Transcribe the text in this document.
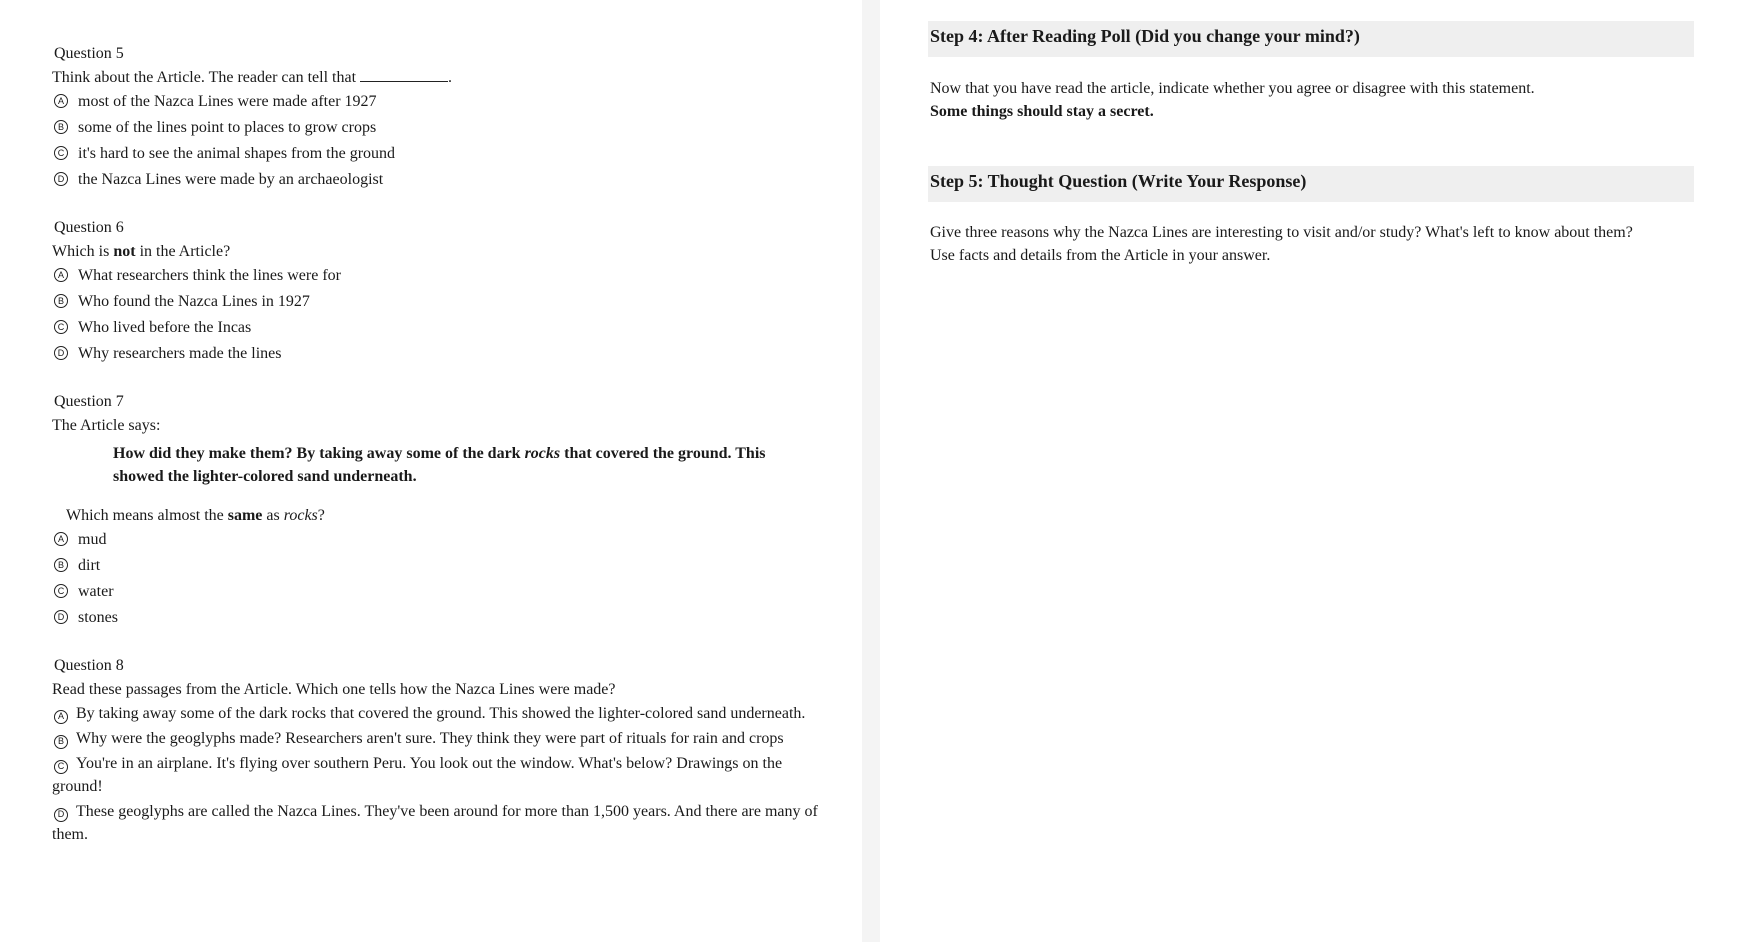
Question 5
Think about the Article. The reader can tell that	.
A most of the Nazca Lines were made after 1927
B some of the lines point to places to grow crops
C it's hard to see the animal shapes from the ground
D the Nazca Lines were made by an archaeologist
Question 6
Which is not in the Article?
A What researchers think the lines were for
B Who found the Nazca Lines in 1927
C Who lived before the Incas
D Why researchers made the lines
Question 7
The Article says:
How did they make them? By taking away some of the dark rocks that covered the ground. This showed the lighter-colored sand underneath.
Which means almost the same as rocks?
A mud
B dirt
C water
D stones
Question 8
Read these passages from the Article. Which one tells how the Nazca Lines were made?
A By taking away some of the dark rocks that covered the ground. This showed the lighter-colored sand underneath.
B Why were the geoglyphs made? Researchers aren't sure. They think they were part of rituals for rain and crops
C You're in an airplane. It's flying over southern Peru. You look out the window. What's below? Drawings on the ground!
D These geoglyphs are called the Nazca Lines. They've been around for more than 1,500 years. And there are many of them.
Step 4: After Reading Poll (Did you change your mind?)
Now that you have read the article, indicate whether you agree or disagree with this statement.
Some things should stay a secret.
Step 5: Thought Question (Write Your Response)
Give three reasons why the Nazca Lines are interesting to visit and/or study? What's left to know about them?
Use facts and details from the Article in your answer.
